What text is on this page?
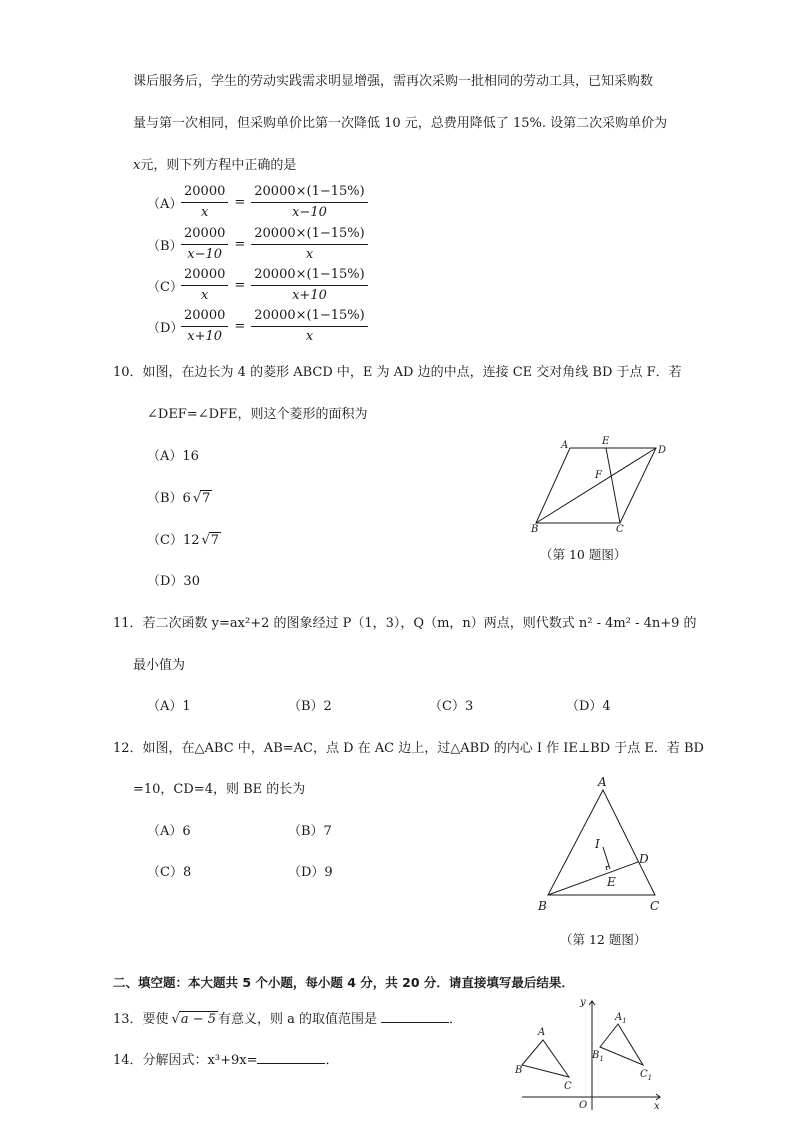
课后服务后，学生的劳动实践需求明显增强，需再次采购一批相同的劳动工具，已知采购数
量与第一次相同，但采购单价比第一次降低 10 元，总费用降低了 15%. 设第二次采购单价为
x元，则下列方程中正确的是
（A）
$\frac{20000}{x} = \frac{20000\times(1-15\%)}{x-10}$
（B）
$\frac{20000}{x-10} = \frac{20000\times(1-15\%)}{x}$
（C）
$\frac{20000}{x} = \frac{20000\times(1-15\%)}{x+10}$
（D）
$\frac{20000}{x+10} = \frac{20000\times(1-15\%)}{x}$
10．如图，在边长为 4 的菱形 ABCD 中，E 为 AD 边的中点，连接 CE 交对角线 BD 于点 F．若
∠DEF=∠DFE，则这个菱形的面积为
（A）16
（B）6 √7
（C）12 √7
（D）30
A	E
D
F
B	C
（第 10 题图）
11．若二次函数 y=ax²+2 的图象经过 P（1，3），Q（m，n）两点，则代数式 n² - 4m² - 4n+9 的
最小值为
（A）1	（B）2	（C）3	（D）4
12．如图，在△ABC 中，AB=AC，点 D 在 AC 边上，过△ABD 的内心 I 作 IE⊥BD 于点 E．若 BD
=10，CD=4，则 BE 的长为
（A）6	（B）7
（C）8	（D）9
A
I
D
E
B	C
（第 12 题图）
二、填空题：本大题共 5 个小题，每小题 4 分，共 20 分．请直接填写最后结果．
13．要使 √a − 5 有意义，则 a 的取值范围是	．
14．分解因式：x³+9x=	．
y
x
O
A
B
C
$A_1$
$B_1$
$C_1$
